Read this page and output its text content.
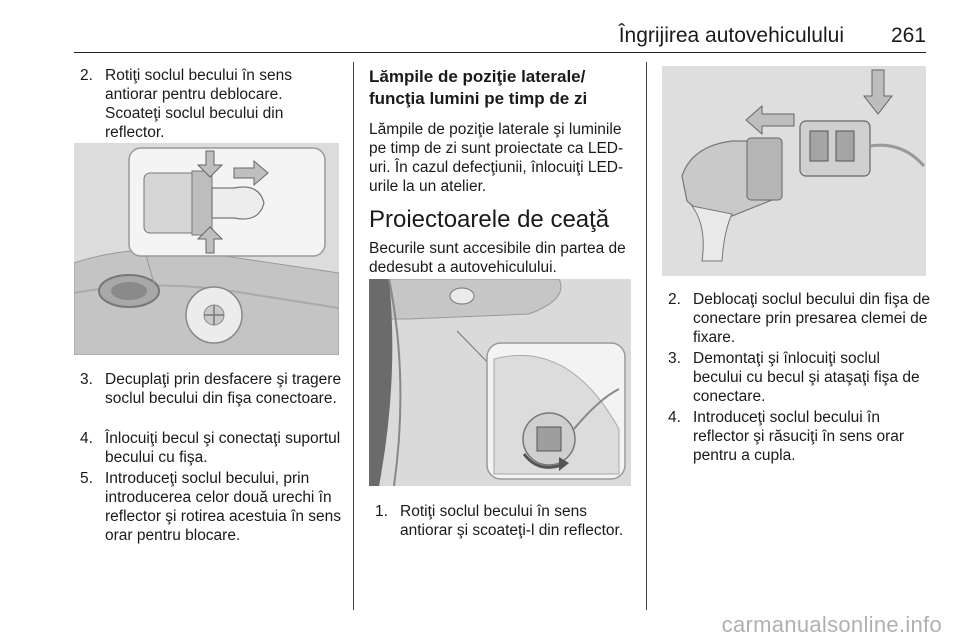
Îngrijirea autovehiculului 261
2. Rotiţi soclul becului în sens antiorar pentru deblocare. Scoateţi soclul becului din reflector.
3. Decuplaţi prin desfacere şi tragere soclul becului din fişa conectoare.
4. Înlocuiţi becul şi conectaţi suportul becului cu fişa.
5. Introduceţi soclul becului, prin introducerea celor două urechi în reflector şi rotirea acestuia în sens orar pentru blocare.
Lămpile de poziţie laterale/ funcţia lumini pe timp de zi
Lămpile de poziţie laterale şi luminile pe timp de zi sunt proiectate ca LED-uri. În cazul defecţiunii, înlocuiţi LED-urile la un atelier.
Proiectoarele de ceaţă
Becurile sunt accesibile din partea de dedesubt a autovehiculului.
1. Rotiţi soclul becului în sens antiorar şi scoateţi-l din reflector.
2. Deblocaţi soclul becului din fişa de conectare prin presarea clemei de fixare.
3. Demontaţi şi înlocuiţi soclul becului cu becul şi ataşaţi fişa de conectare.
4. Introduceţi soclul becului în reflector şi răsuciţi în sens orar pentru a cupla.
carmanualsonline.info
